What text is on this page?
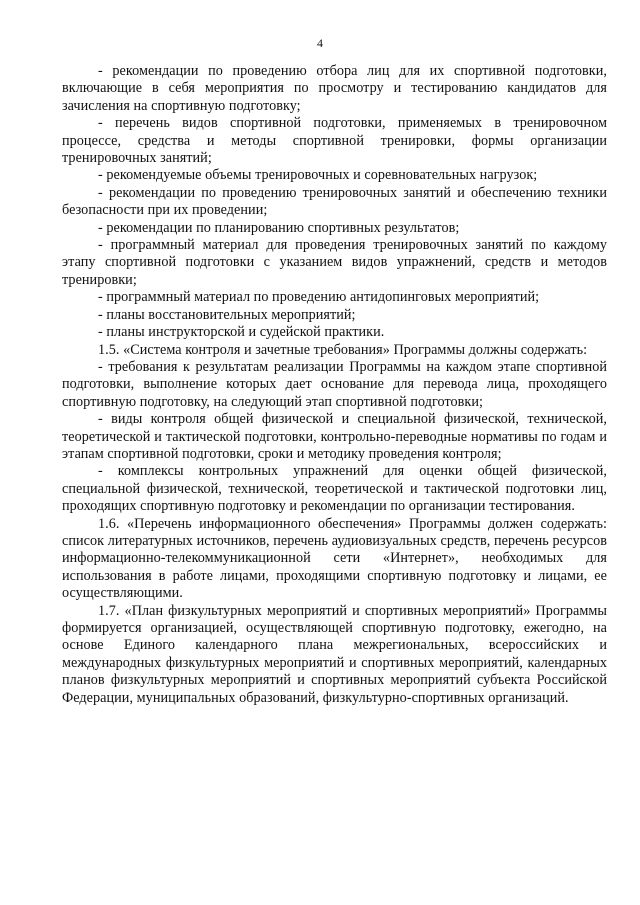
4

- рекомендации по проведению отбора лиц для их спортивной подготовки, включающие в себя мероприятия по просмотру и тестированию кандидатов для зачисления на спортивную подготовку;

- перечень видов спортивной подготовки, применяемых в тренировочном процессе, средства и методы спортивной тренировки, формы организации тренировочных занятий;

- рекомендуемые объемы тренировочных и соревновательных нагрузок;

- рекомендации по проведению тренировочных занятий и обеспечению техники безопасности при их проведении;

- рекомендации по планированию спортивных результатов;

- программный материал для проведения тренировочных занятий по каждому этапу спортивной подготовки с указанием видов упражнений, средств и методов тренировки;

- программный материал по проведению антидопинговых мероприятий;

- планы восстановительных мероприятий;

- планы инструкторской и судейской практики.

1.5. «Система контроля и зачетные требования» Программы должны содержать:

- требования к результатам реализации Программы на каждом этапе спортивной подготовки, выполнение которых дает основание для перевода лица, проходящего спортивную подготовку, на следующий этап спортивной подготовки;

- виды контроля общей физической и специальной физической, технической, теоретической и тактической подготовки, контрольно-переводные нормативы по годам и этапам спортивной подготовки, сроки и методику проведения контроля;

- комплексы контрольных упражнений для оценки общей физической, специальной физической, технической, теоретической и тактической подготовки лиц, проходящих спортивную подготовку и рекомендации по организации тестирования.

1.6. «Перечень информационного обеспечения» Программы должен содержать: список литературных источников, перечень аудиовизуальных средств, перечень ресурсов информационно-телекоммуникационной сети «Интернет», необходимых для использования в работе лицами, проходящими спортивную подготовку и лицами, ее осуществляющими.

1.7. «План физкультурных мероприятий и спортивных мероприятий» Программы формируется организацией, осуществляющей спортивную подготовку, ежегодно, на основе Единого календарного плана межрегиональных, всероссийских и международных физкультурных мероприятий и спортивных мероприятий, календарных планов физкультурных мероприятий и спортивных мероприятий субъекта Российской Федерации, муниципальных образований, физкультурно-спортивных организаций.
